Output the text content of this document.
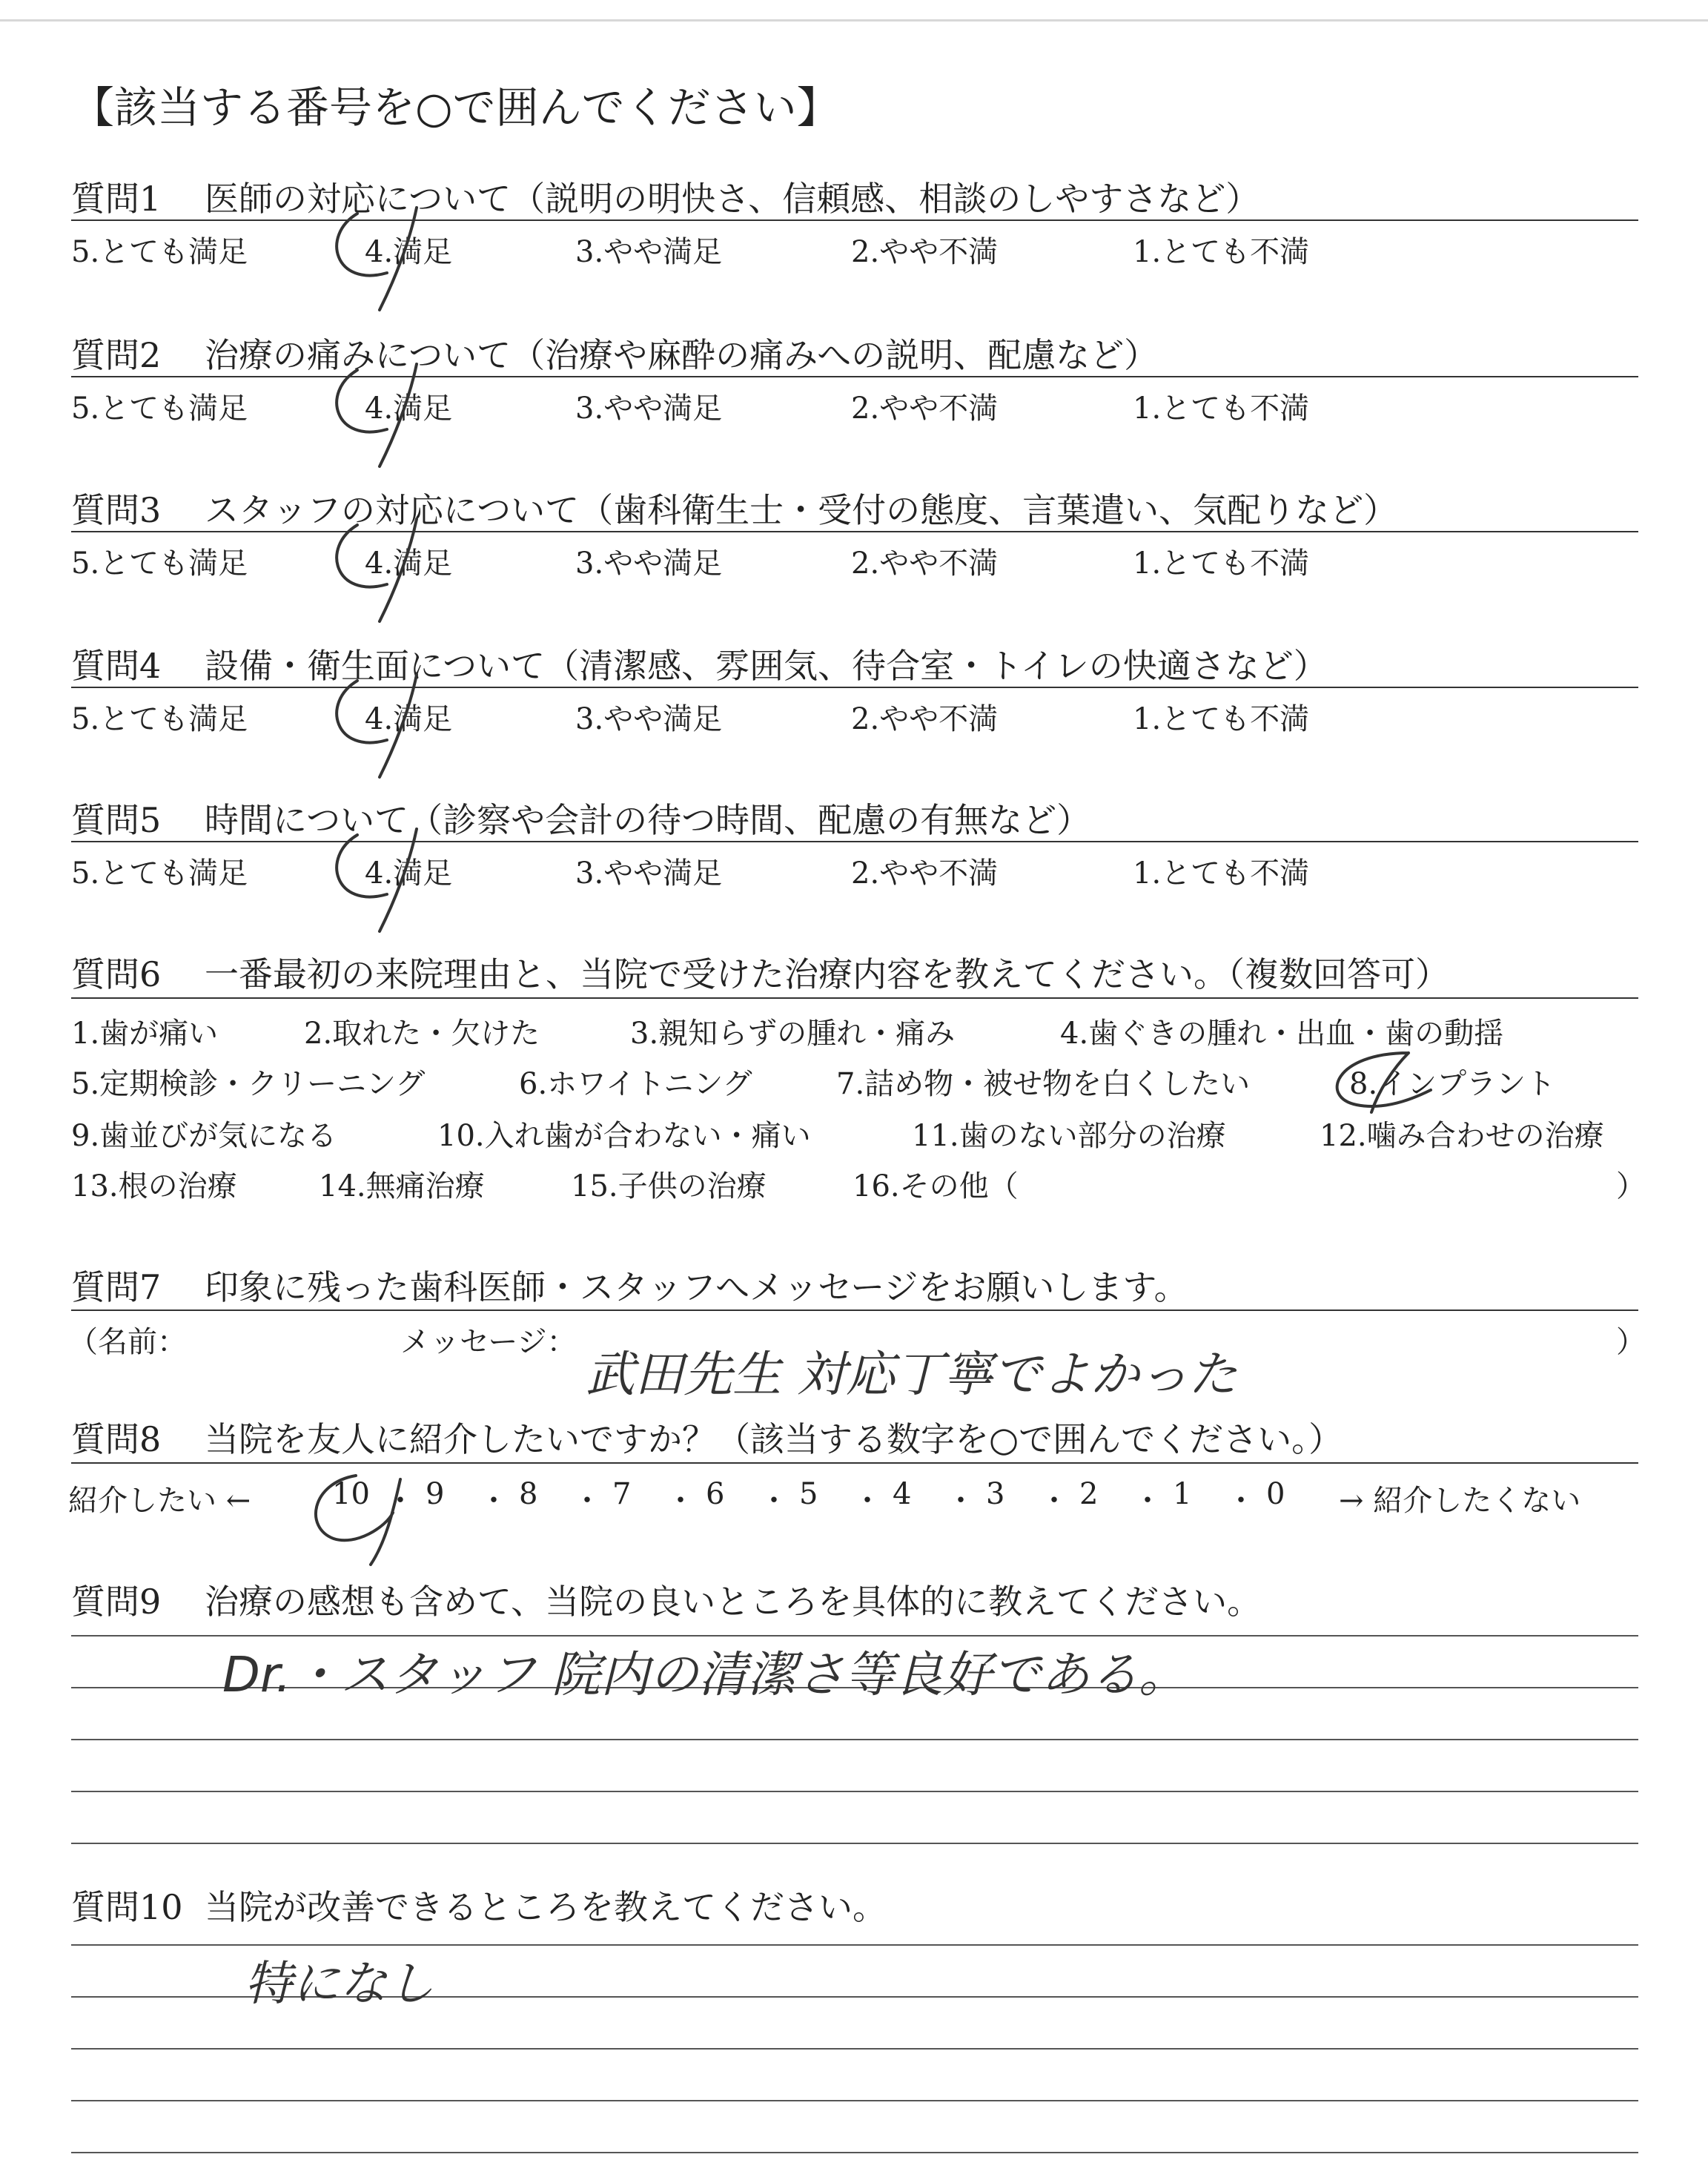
【該当する番号を○で囲んでください】
質問1 医師の対応について（説明の明快さ、信頼感、相談のしやすさなど）
5.とても満足	4.満足	3.やや満足	2.やや不満	1.とても不満
質問2 治療の痛みについて（治療や麻酔の痛みへの説明、配慮など）
5.とても満足	4.満足	3.やや満足	2.やや不満	1.とても不満
質問3 スタッフの対応について（歯科衛生士・受付の態度、言葉遣い、気配りなど）
5.とても満足	4.満足	3.やや満足	2.やや不満	1.とても不満
質問4 設備・衛生面について（清潔感、雰囲気、待合室・トイレの快適さなど）
5.とても満足	4.満足	3.やや満足	2.やや不満	1.とても不満
質問5 時間について（診察や会計の待つ時間、配慮の有無など）
5.とても満足	4.満足	3.やや満足	2.やや不満	1.とても不満
質問6 一番最初の来院理由と、当院で受けた治療内容を教えてください。（複数回答可）
1.歯が痛い	2.取れた・欠けた	3.親知らずの腫れ・痛み	4.歯ぐきの腫れ・出血・歯の動揺
5.定期検診・クリーニング	6.ホワイトニング	7.詰め物・被せ物を白くしたい	8.インプラント
9.歯並びが気になる	10.入れ歯が合わない・痛い	11.歯のない部分の治療	12.噛み合わせの治療
13.根の治療	14.無痛治療	15.子供の治療	16.その他（	）
質問7 印象に残った歯科医師・スタッフへメッセージをお願いします。
（名前：	メッセージ：	）
武田先生 対応丁寧でよかった
質問8 当院を友人に紹介したいですか？（該当する数字を○で囲んでください。）
紹介したい ←	→ 紹介したくない
10 ・ 9 ・ 8 ・ 7 ・ 6 ・ 5 ・ 4 ・ 3 ・ 2 ・ 1 ・ 0
質問9 治療の感想も含めて、当院の良いところを具体的に教えてください。
Dr.・スタッフ 院内の清潔さ等良好である。
質問10 当院が改善できるところを教えてください。
特になし
